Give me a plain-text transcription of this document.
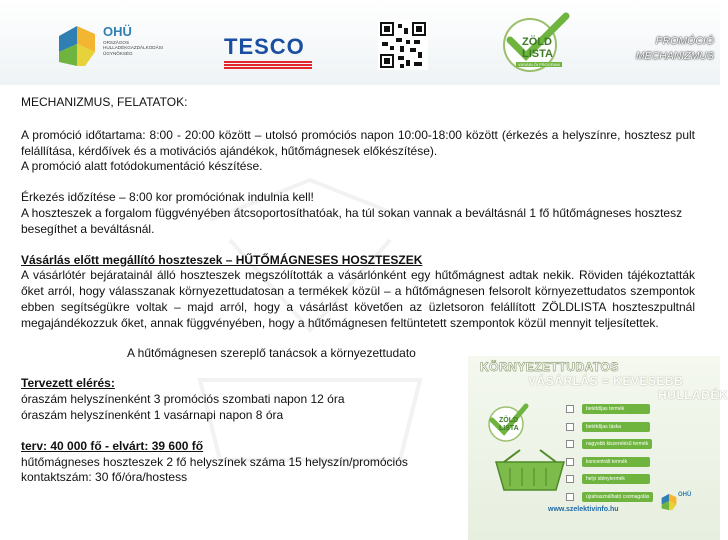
OHÜ
ORSZÁGOS HULLADÉKGAZDÁLKODÁSI ÜGYNÖKSÉG	TESCO	ZÖLD
LISTA
VÁSÁRLÓI PROGRAM
PROMÓCIÓ
MECHANIZMUS
MECHANIZMUS, FELATATOK:
A promóció időtartama: 8:00 - 20:00 között – utolsó promóciós napon 10:00-18:00 között (érkezés a helyszínre, hosztesz pult felállítása, kérdőívek és a motivációs ajándékok, hűtőmágnesek előkészítése).
A promóció alatt fotódokumentáció készítése.
Érkezés időzítése – 8:00 kor promóciónak indulnia kell!
A hoszteszek a forgalom függvényében átcsoportosíthatóak, ha túl sokan vannak a beváltásnál 1 fő hűtőmágneses hosztesz besegíthet a beváltásnál.
Vásárlás előtt megállító hoszteszek – HŰTŐMÁGNESES HOSZTESZEK
A vásárlótér bejáratainál álló hoszteszek megszólították a vásárlónként egy hűtőmágnest adtak nekik. Röviden tájékoztatták őket arról, hogy válasszanak környezettudatosan a termékek közül – a hűtőmágnesen felsorolt környezettudatos szempontok ebben segítségükre voltak – majd arról, hogy a vásárlást követően az üzletsoron felállított ZÖLDLISTA hoszteszpultnál megajándékozzuk őket, annak függvényében, hogy a hűtőmágnesen feltüntetett szempontok közül mennyit teljesítettek.
A hűtőmágnesen szereplő tanácsok a környezettudato
Tervezett elérés:
óraszám helyszínenként 3 promóciós szombati napon 12 óra
óraszám helyszínenként 1 vasárnapi napon 8 óra
terv: 40 000 fő - elvárt: 39 600 fő
hűtőmágneses hoszteszek 2 fő helyszínek száma 15 helyszín/promóciós
kontaktszám: 30 fő/óra/hostess
KÖRNYEZETTUDATOS
VÁSÁRLÁS = KEVESEBB
HULLADÉK
ZÖLD
LISTA
betétdíjas termék
betétdíjas táska
nagyobb kiszerelésű termék
koncentrált termék
helyi idénytermék
újrahasználható csomagolás
www.szelektivinfo.hu
OHÜ
